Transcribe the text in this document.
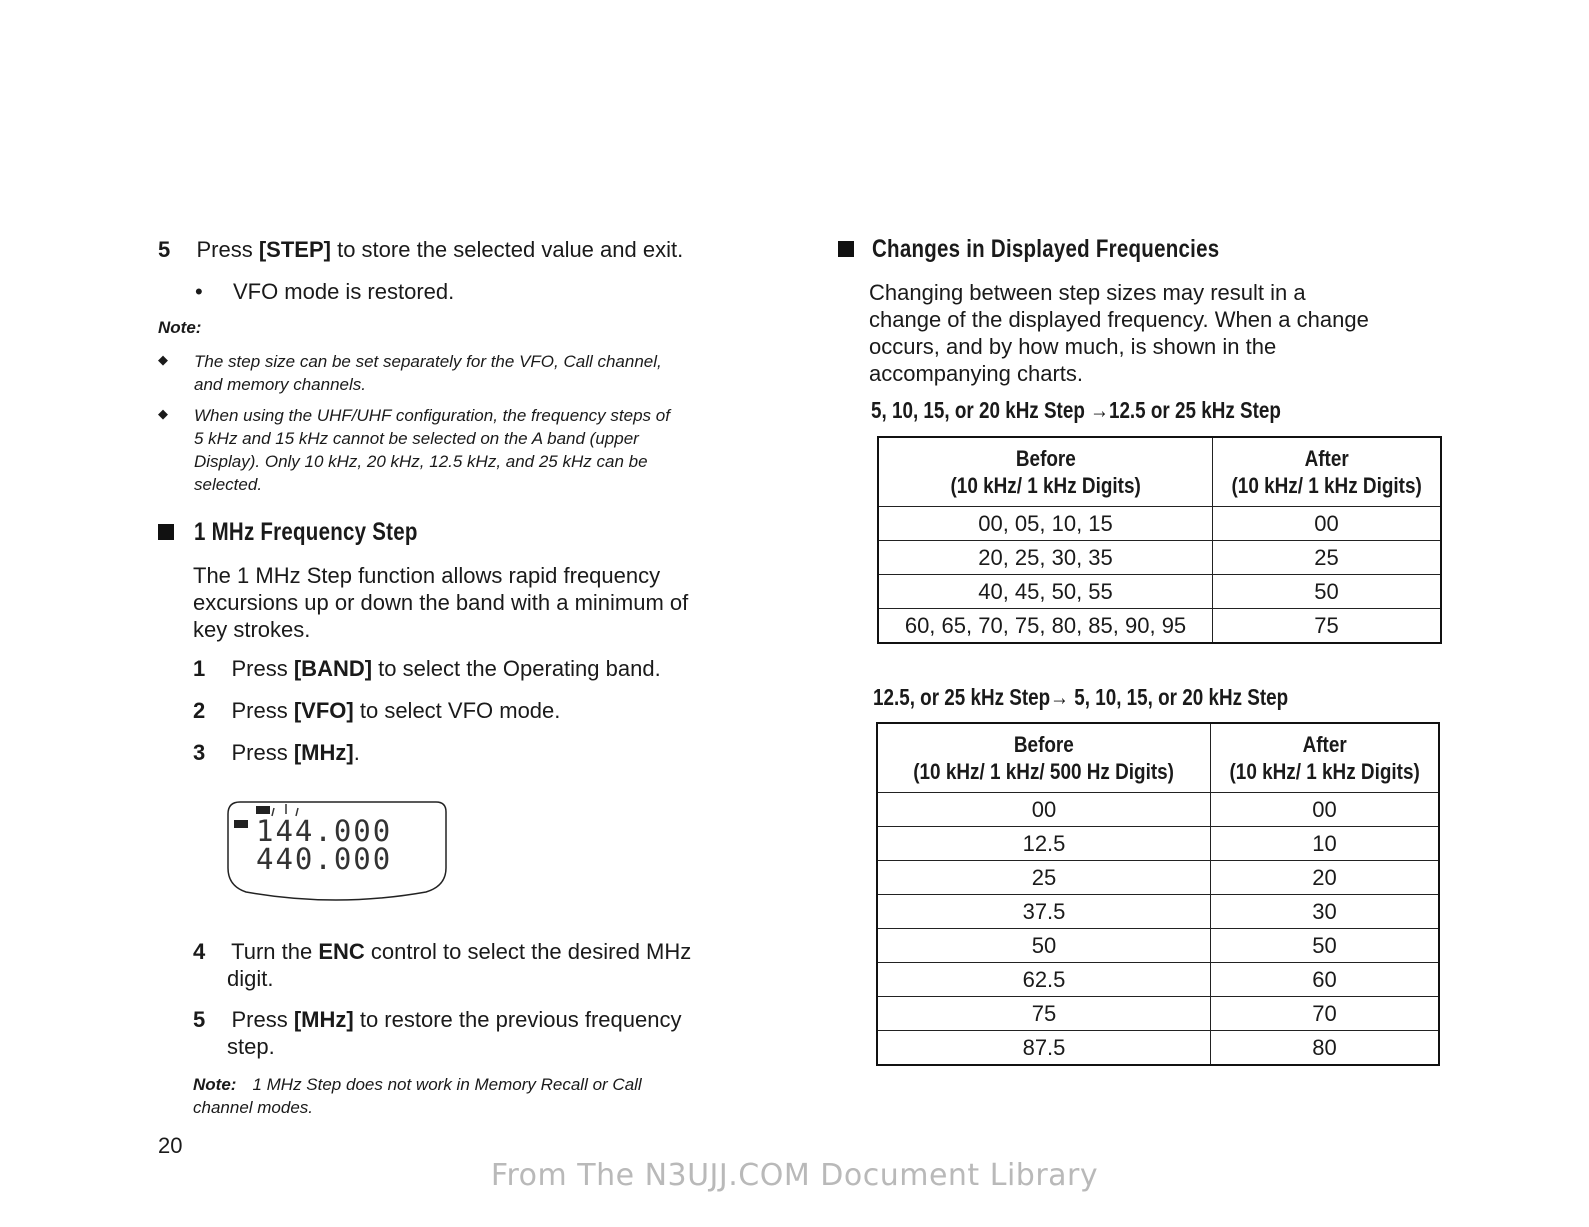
5 Press [STEP] to store the selected value and exit.
• VFO mode is restored.
Note:
◆ The step size can be set separately for the VFO, Call channel,
and memory channels.
◆ When using the UHF/UHF configuration, the frequency steps of
5 kHz and 15 kHz cannot be selected on the A band (upper
Display). Only 10 kHz, 20 kHz, 12.5 kHz, and 25 kHz can be
selected.
1 MHz Frequency Step
The 1 MHz Step function allows rapid frequency
excursions up or down the band with a minimum of
key strokes.
1 Press [BAND] to select the Operating band.
2 Press [VFO] to select VFO mode.
3 Press [MHz].
144.000
440.000
4 Turn the ENC control to select the desired MHz
digit.
5 Press [MHz] to restore the previous frequency
step.
Note: 1 MHz Step does not work in Memory Recall or Call
channel modes.
20
Changes in Displayed Frequencies
Changing between step sizes may result in a
change of the displayed frequency. When a change
occurs, and by how much, is shown in the
accompanying charts.
5, 10, 15, or 20 kHz Step →12.5 or 25 kHz Step
Before
(10 kHz/ 1 kHz Digits)	After
(10 kHz/ 1 kHz Digits)
00, 05, 10, 15	00
20, 25, 30, 35	25
40, 45, 50, 55	50
60, 65, 70, 75, 80, 85, 90, 95	75
12.5, or 25 kHz Step→ 5, 10, 15, or 20 kHz Step
Before
(10 kHz/ 1 kHz/ 500 Hz Digits)	After
(10 kHz/ 1 kHz Digits)
00	00
12.5	10
25	20
37.5	30
50	50
62.5	60
75	70
87.5	80
From The N3UJJ.COM Document Library
